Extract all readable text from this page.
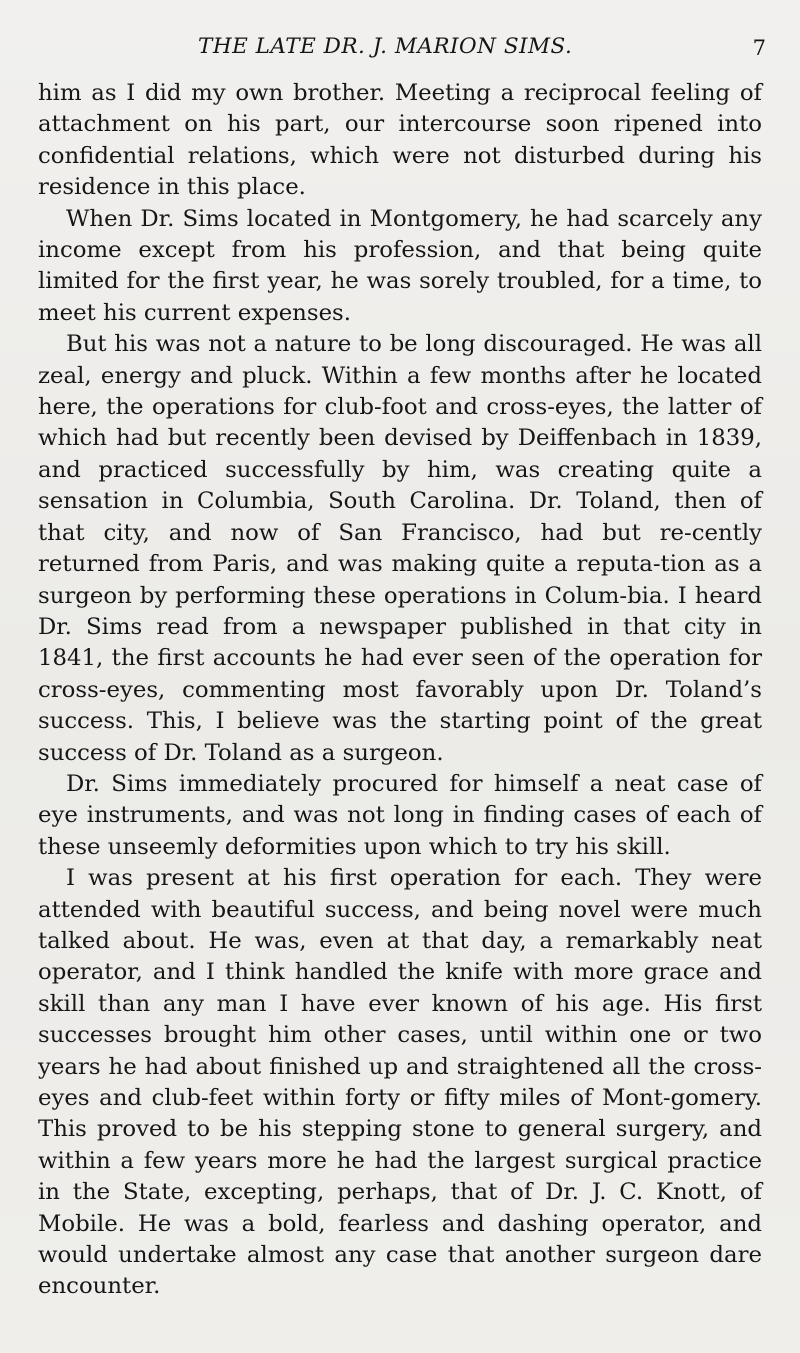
THE LATE DR. J. MARION SIMS.	7

him as I did my own brother. Meeting a reciprocal feeling of attachment on his part, our intercourse soon ripened into confidential relations, which were not disturbed during his residence in this place.

When Dr. Sims located in Montgomery, he had scarcely any income except from his profession, and that being quite limited for the first year, he was sorely troubled, for a time, to meet his current expenses.

But his was not a nature to be long discouraged. He was all zeal, energy and pluck. Within a few months after he located here, the operations for club-foot and cross-eyes, the latter of which had but recently been devised by Deiffenbach in 1839, and practiced successfully by him, was creating quite a sensation in Columbia, South Carolina. Dr. Toland, then of that city, and now of San Francisco, had but re-cently returned from Paris, and was making quite a reputa-tion as a surgeon by performing these operations in Colum-bia. I heard Dr. Sims read from a newspaper published in that city in 1841, the first accounts he had ever seen of the operation for cross-eyes, commenting most favorably upon Dr. Toland’s success. This, I believe was the starting point of the great success of Dr. Toland as a surgeon.

Dr. Sims immediately procured for himself a neat case of eye instruments, and was not long in finding cases of each of these unseemly deformities upon which to try his skill.

I was present at his first operation for each. They were attended with beautiful success, and being novel were much talked about. He was, even at that day, a remarkably neat operator, and I think handled the knife with more grace and skill than any man I have ever known of his age. His first successes brought him other cases, until within one or two years he had about finished up and straightened all the cross-eyes and club-feet within forty or fifty miles of Mont-gomery. This proved to be his stepping stone to general surgery, and within a few years more he had the largest surgical practice in the State, excepting, perhaps, that of Dr. J. C. Knott, of Mobile. He was a bold, fearless and dashing operator, and would undertake almost any case that another surgeon dare encounter.
